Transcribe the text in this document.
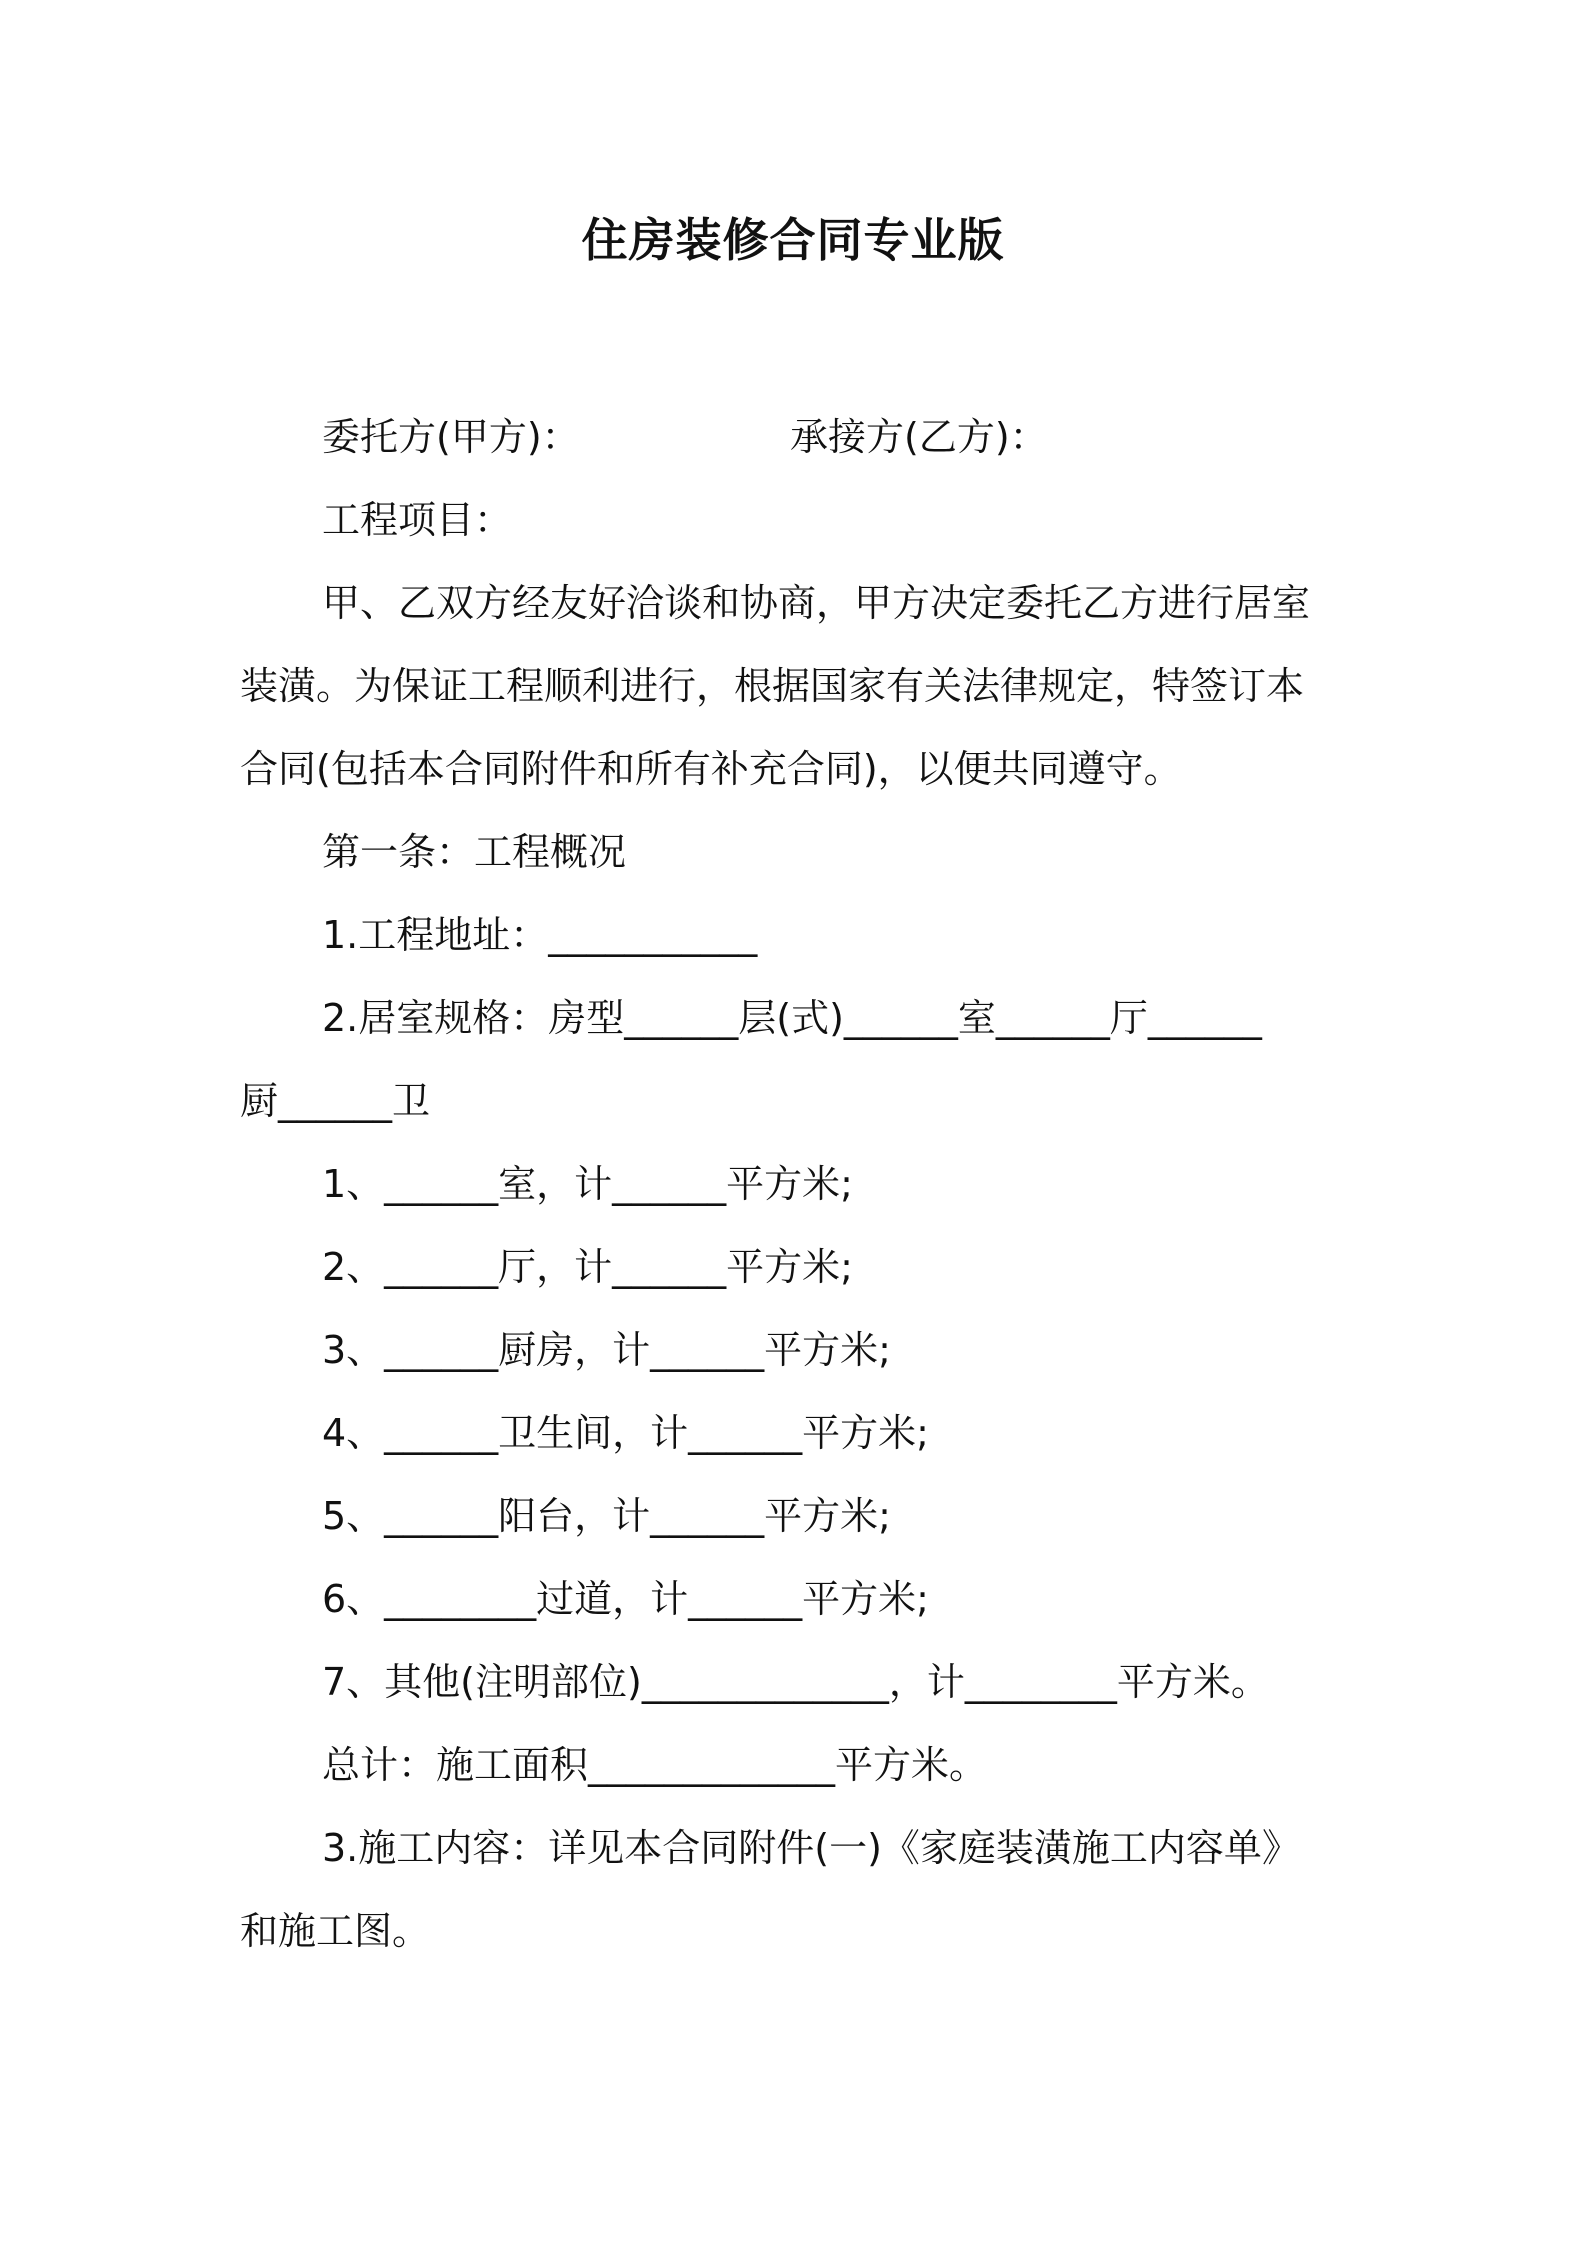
住房装修合同专业版
委托方(甲方)：	承接方(乙方)：
工程项目：
甲、乙双方经友好洽谈和协商，甲方决定委托乙方进行居室
装潢。为保证工程顺利进行，根据国家有关法律规定，特签订本
合同(包括本合同附件和所有补充合同)，以便共同遵守。
第一条：工程概况
1.工程地址：___________
2.居室规格：房型______层(式)______室______厅______
厨______卫
1、______室，计______平方米;
2、______厅，计______平方米;
3、______厨房，计______平方米;
4、______卫生间，计______平方米;
5、______阳台，计______平方米;
6、________过道，计______平方米;
7、其他(注明部位)_____________，计________平方米。
总计：施工面积_____________平方米。
3.施工内容：详见本合同附件(一)《家庭装潢施工内容单》
和施工图。
